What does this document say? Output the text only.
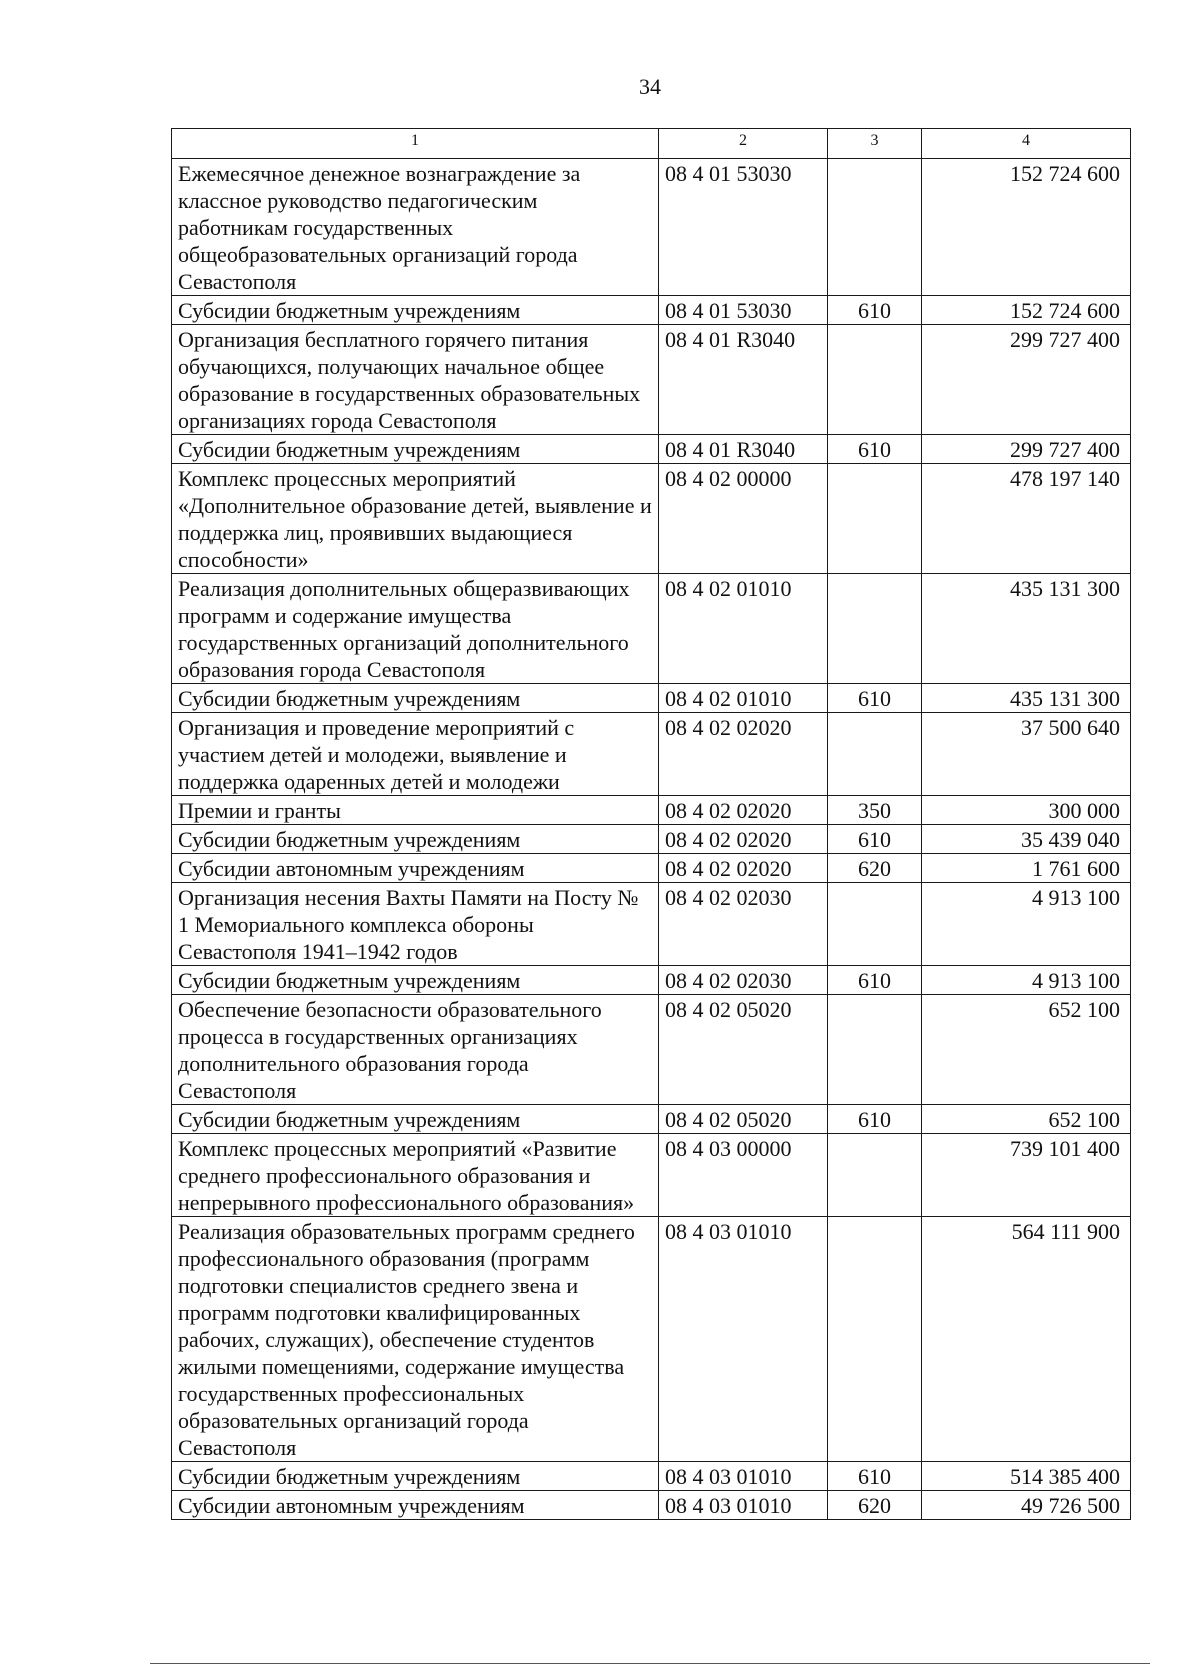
34
1	2	3	4
Ежемесячное денежное вознаграждение за классное руководство педагогическим работникам государственных общеобразовательных организаций города Севастополя	08 4 01 53030		152 724 600
Субсидии бюджетным учреждениям	08 4 01 53030	610	152 724 600
Организация бесплатного горячего питания обучающихся, получающих начальное общее образование в государственных образовательных организациях города Севастополя	08 4 01 R3040		299 727 400
Субсидии бюджетным учреждениям	08 4 01 R3040	610	299 727 400
Комплекс процессных мероприятий «Дополнительное образование детей, выявление и поддержка лиц, проявивших выдающиеся способности»	08 4 02 00000		478 197 140
Реализация дополнительных общеразвивающих программ и содержание имущества государственных организаций дополнительного образования города Севастополя	08 4 02 01010		435 131 300
Субсидии бюджетным учреждениям	08 4 02 01010	610	435 131 300
Организация и проведение мероприятий с участием детей и молодежи, выявление и поддержка одаренных детей и молодежи	08 4 02 02020		37 500 640
Премии и гранты	08 4 02 02020	350	300 000
Субсидии бюджетным учреждениям	08 4 02 02020	610	35 439 040
Субсидии автономным учреждениям	08 4 02 02020	620	1 761 600
Организация несения Вахты Памяти на Посту № 1 Мемориального комплекса обороны Севастополя 1941–1942 годов	08 4 02 02030		4 913 100
Субсидии бюджетным учреждениям	08 4 02 02030	610	4 913 100
Обеспечение безопасности образовательного процесса в государственных организациях дополнительного образования города Севастополя	08 4 02 05020		652 100
Субсидии бюджетным учреждениям	08 4 02 05020	610	652 100
Комплекс процессных мероприятий «Развитие среднего профессионального образования и непрерывного профессионального образования»	08 4 03 00000		739 101 400
Реализация образовательных программ среднего профессионального образования (программ подготовки специалистов среднего звена и программ подготовки квалифицированных рабочих, служащих), обеспечение студентов жилыми помещениями, содержание имущества государственных профессиональных образовательных организаций города Севастополя	08 4 03 01010		564 111 900
Субсидии бюджетным учреждениям	08 4 03 01010	610	514 385 400
Субсидии автономным учреждениям	08 4 03 01010	620	49 726 500
